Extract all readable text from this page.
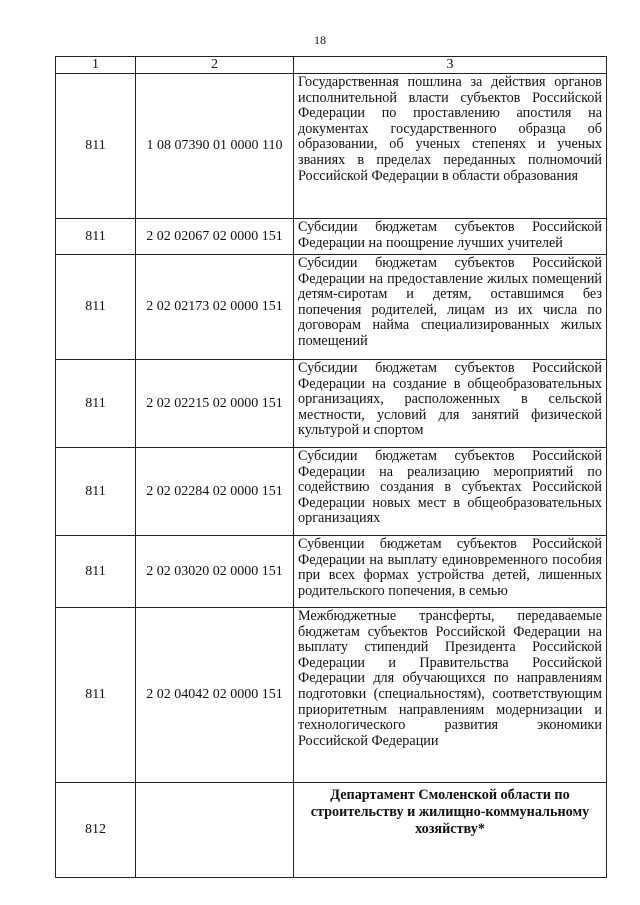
18
1	2	3
811	1 08 07390 01 0000 110	Государственная пошлина за действия органов исполнительной власти субъектов Российской Федерации по проставлению апостиля на документах государственного образца об образовании, об ученых степенях и ученых званиях в пределах переданных полномочий Российской Федерации в области образования
811	2 02 02067 02 0000 151	Субсидии бюджетам субъектов Российской Федерации на поощрение лучших учителей
811	2 02 02173 02 0000 151	Субсидии бюджетам субъектов Российской Федерации на предоставление жилых помещений детям-сиротам и детям, оставшимся без попечения родителей, лицам из их числа по договорам найма специализированных жилых помещений
811	2 02 02215 02 0000 151	Субсидии бюджетам субъектов Российской Федерации на создание в общеобразовательных организациях, расположенных в сельской местности, условий для занятий физической культурой и спортом
811	2 02 02284 02 0000 151	Субсидии бюджетам субъектов Российской Федерации на реализацию мероприятий по содействию создания в субъектах Российской Федерации новых мест в общеобразовательных организациях
811	2 02 03020 02 0000 151	Субвенции бюджетам субъектов Российской Федерации на выплату единовременного пособия при всех формах устройства детей, лишенных родительского попечения, в семью
811	2 02 04042 02 0000 151	Межбюджетные трансферты, передаваемые бюджетам субъектов Российской Федерации на выплату стипендий Президента Российской Федерации и Правительства Российской Федерации для обучающихся по направлениям подготовки (специальностям), соответствующим приоритетным направлениям модернизации и технологического развития экономики Российской Федерации
812		Департамент Смоленской области по строительству и жилищно-коммунальному хозяйству*
